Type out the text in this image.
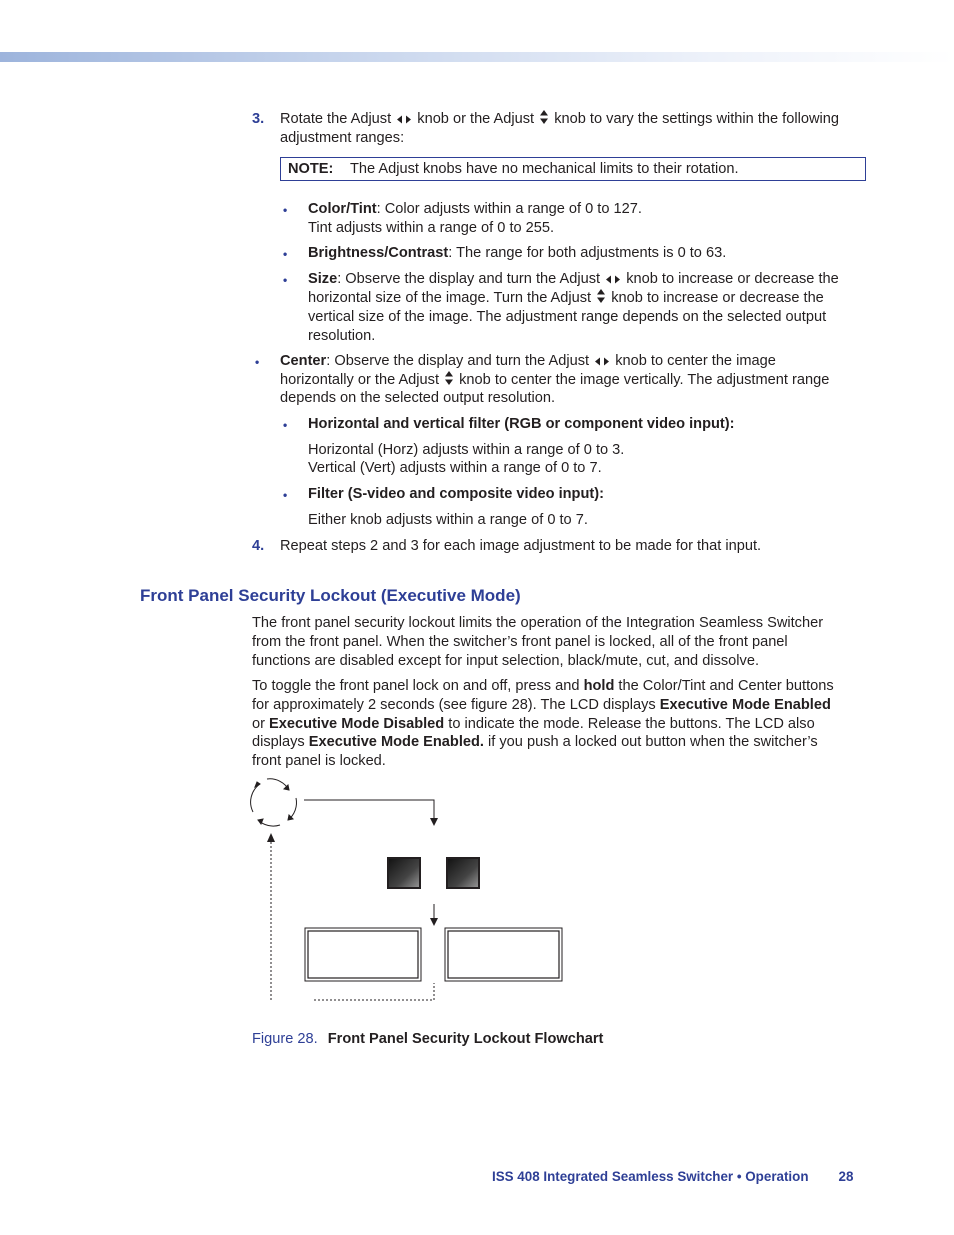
3. Rotate the Adjust knob or the Adjust knob to vary the settings within the following
adjustment ranges:
NOTE: The Adjust knobs have no mechanical limits to their rotation.
• Color/Tint: Color adjusts within a range of 0 to 127.
Tint adjusts within a range of 0 to 255.
• Brightness/Contrast: The range for both adjustments is 0 to 63.
• Size: Observe the display and turn the Adjust knob to increase or decrease the
horizontal size of the image. Turn the Adjust knob to increase or decrease the
vertical size of the image. The adjustment range depends on the selected output
resolution.
• Center: Observe the display and turn the Adjust knob to center the image
horizontally or the Adjust knob to center the image vertically. The adjustment range
depends on the selected output resolution.
• Horizontal and vertical filter (RGB or component video input):
Horizontal (Horz) adjusts within a range of 0 to 3.
Vertical (Vert) adjusts within a range of 0 to 7.
• Filter (S-video and composite video input):
Either knob adjusts within a range of 0 to 7.
4. Repeat steps 2 and 3 for each image adjustment to be made for that input.
Front Panel Security Lockout (Executive Mode)
The front panel security lockout limits the operation of the Integration Seamless Switcher
from the front panel. When the switcher’s front panel is locked, all of the front panel
functions are disabled except for input selection, black/mute, cut, and dissolve.
To toggle the front panel lock on and off, press and hold the Color/Tint and Center buttons
for approximately 2 seconds (see figure 28). The LCD displays Executive Mode Enabled
or Executive Mode Disabled to indicate the mode. Release the buttons. The LCD also
displays Executive Mode Enabled. if you push a locked out button when the switcher’s
front panel is locked.
Figure 28. Front Panel Security Lockout Flowchart
ISS 408 Integrated Seamless Switcher • Operation 28
